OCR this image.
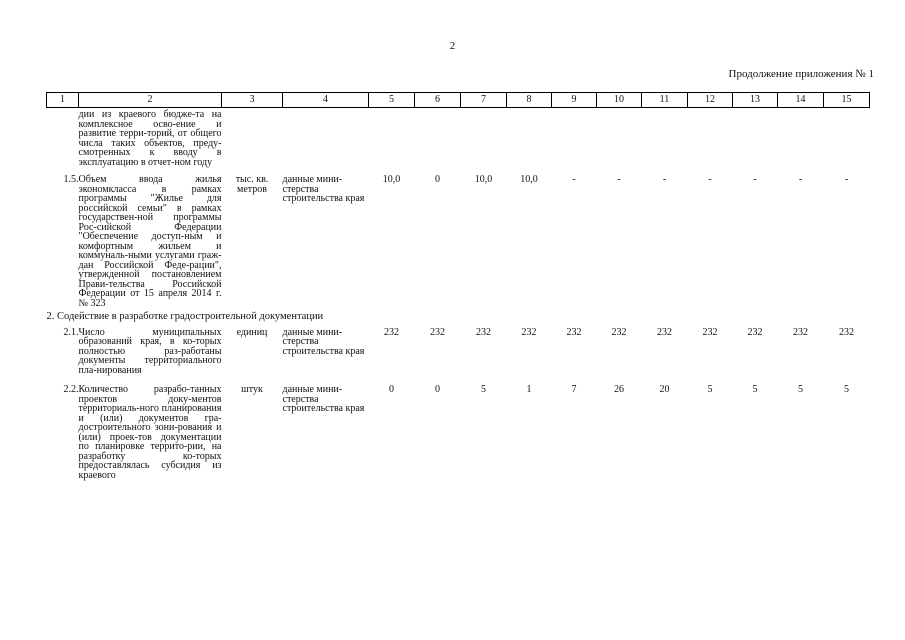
2
Продолжение приложения № 1
1	2	3	4	5	6	7	8	9	10	11	12	13	14	15
	дии из краевого бюдже-та на комплексное осво-ение и развитие терри-торий, от общего числа таких объектов, преду-смотренных к вводу в эксплуатацию в отчет-ном году													
1.5.	Объем ввода жилья экономкласса в рамках программы "Жилье для российской семьи" в рамках государствен-ной программы Рос-сийской Федерации "Обеспечение доступ-ным и комфортным жильем и коммуналь-ными услугами граж-дан Российской Феде-рации", утвержденной постановлением Прави-тельства Российской Федерации от 15 апреля 2014 г. № 323	тыс. кв. метров	данные мини-стерства строительства края	10,0	0	10,0	10,0	-	-	-	-	-	-	-
2. Содействие в разработке градостроительной документации														
2.1.	Число муниципальных образований края, в ко-торых полностью раз-работаны документы территориального пла-нирования	единиц	данные мини-стерства строительства края	232	232	232	232	232	232	232	232	232	232	232
2.2.	Количество разрабо-танных проектов доку-ментов территориаль-ного планирования и (или) документов гра-достроительного зони-рования и (или) проек-тов документации по планировке террито-рии, на разработку ко-торых предоставлялась субсидия из краевого	штук	данные мини-стерства строительства края	0	0	5	1	7	26	20	5	5	5	5
